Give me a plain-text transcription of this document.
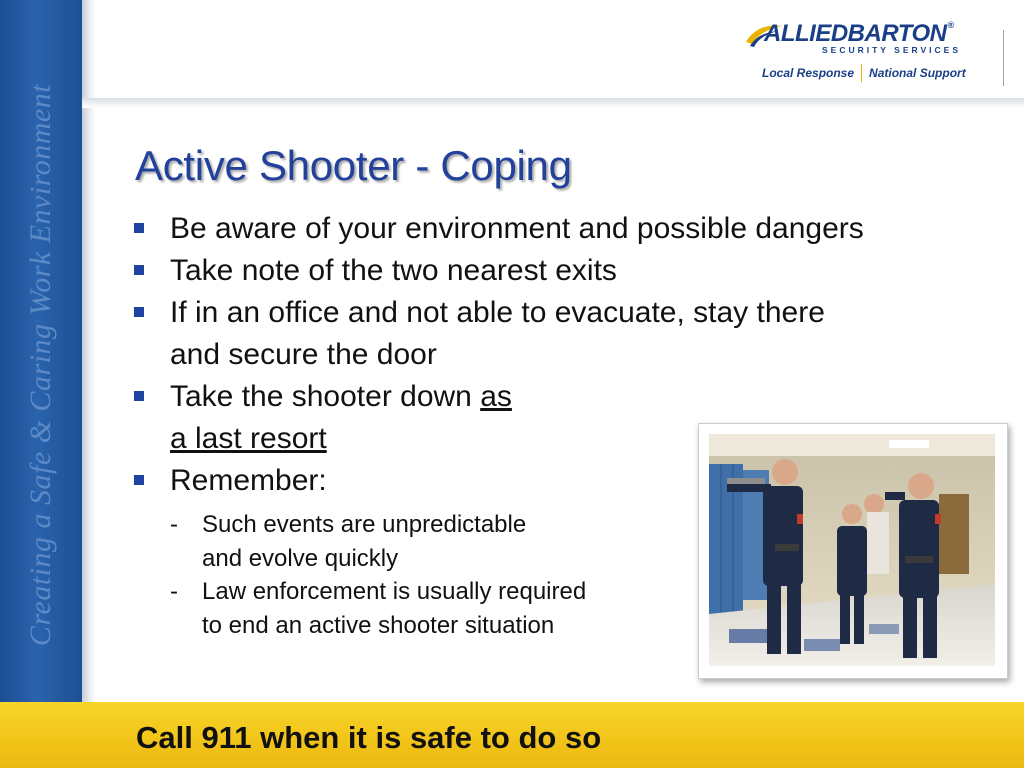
Creating a Safe & Caring Work Environment
ALLIEDBARTON®
SECURITY SERVICES
Local Response National Support
Active Shooter - Coping
Be aware of your environment and possible dangers
Take note of the two nearest exits
If in an office and not able to evacuate, stay there
and secure the door
Take the shooter down as
a last resort
Remember:
- Such events are unpredictable
and evolve quickly
- Law enforcement is usually required
to end an active shooter situation
Call 911 when it is safe to do so
